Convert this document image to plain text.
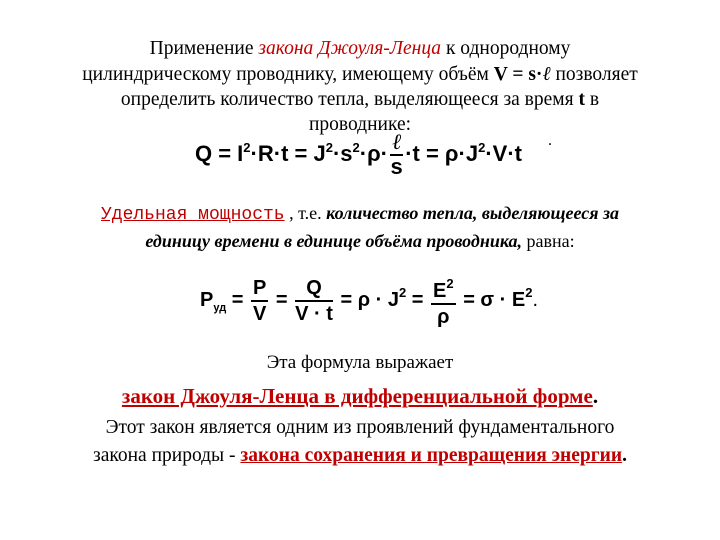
Применение закона Джоуля-Ленца к однородному
цилиндрическому проводнику, имеющему объём V = s·ℓ позволяет
определить количество тепла, выделяющееся за время t в
проводнике:
$Q = I^2\cdot R\cdot t = J^2\cdot s^2\cdot\rho\cdot \frac{\text{ℓ}}{s} \cdot t = \rho\cdot J^2\cdot V\cdot t$
.
Удельная мощность , т.е. количество тепла, выделяющееся за
единицу времени в единице объёма проводника, равна:
$P_{уд} = \frac{P}{V} = \frac{Q}{V \cdot t} = \rho \cdot J^2 = \frac{E^2}{\rho} = \sigma \cdot E^2$.
Эта формула выражает
закон Джоуля-Ленца в дифференциальной форме.
Этот закон является одним из проявлений фундаментального
закона природы - закона сохранения и превращения энергии.
